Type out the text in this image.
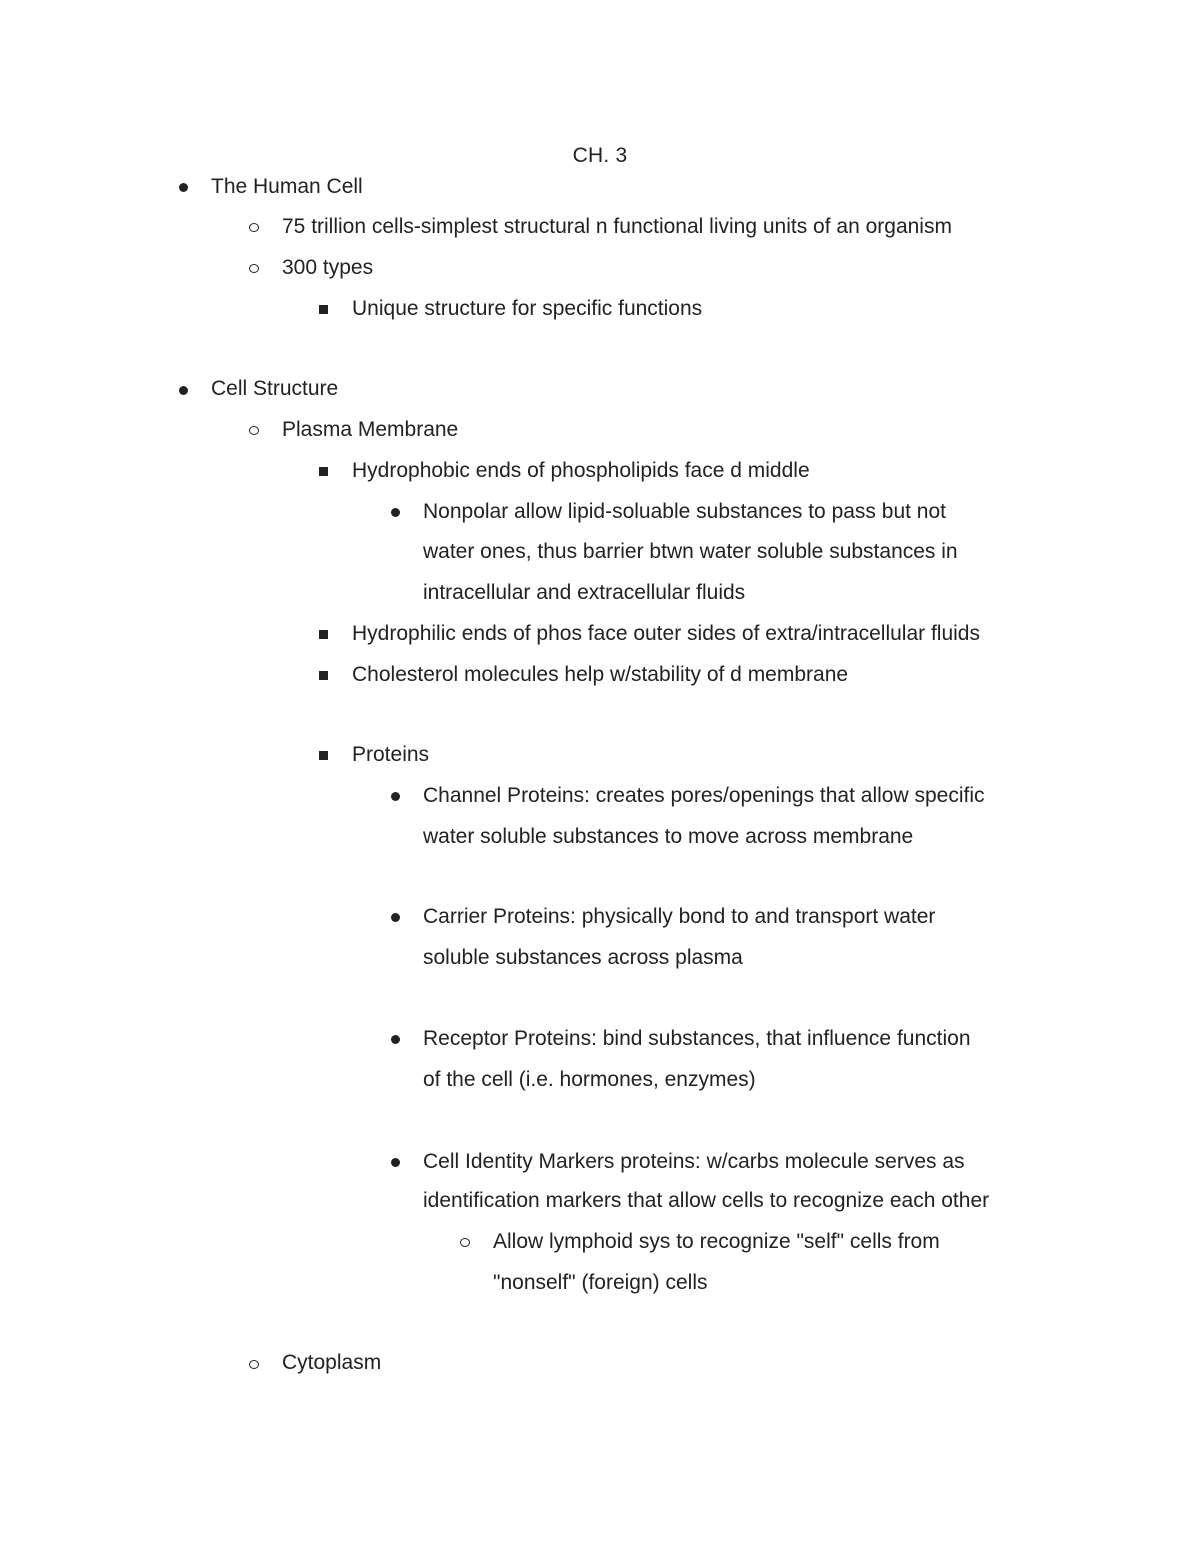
CH. 3
The Human Cell
75 trillion cells-simplest structural n functional living units of an organism
300 types
Unique structure for specific functions
Cell Structure
Plasma Membrane
Hydrophobic ends of phospholipids face d middle
Nonpolar allow lipid-soluable substances to pass but not
water ones, thus barrier btwn water soluble substances in
intracellular and extracellular fluids
Hydrophilic ends of phos face outer sides of extra/intracellular fluids
Cholesterol molecules help w/stability of d membrane
Proteins
Channel Proteins: creates pores/openings that allow specific
water soluble substances to move across membrane
Carrier Proteins: physically bond to and transport water
soluble substances across plasma
Receptor Proteins: bind substances, that influence function
of the cell (i.e. hormones, enzymes)
Cell Identity Markers proteins: w/carbs molecule serves as
identification markers that allow cells to recognize each other
Allow lymphoid sys to recognize "self" cells from
"nonself" (foreign) cells
Cytoplasm
